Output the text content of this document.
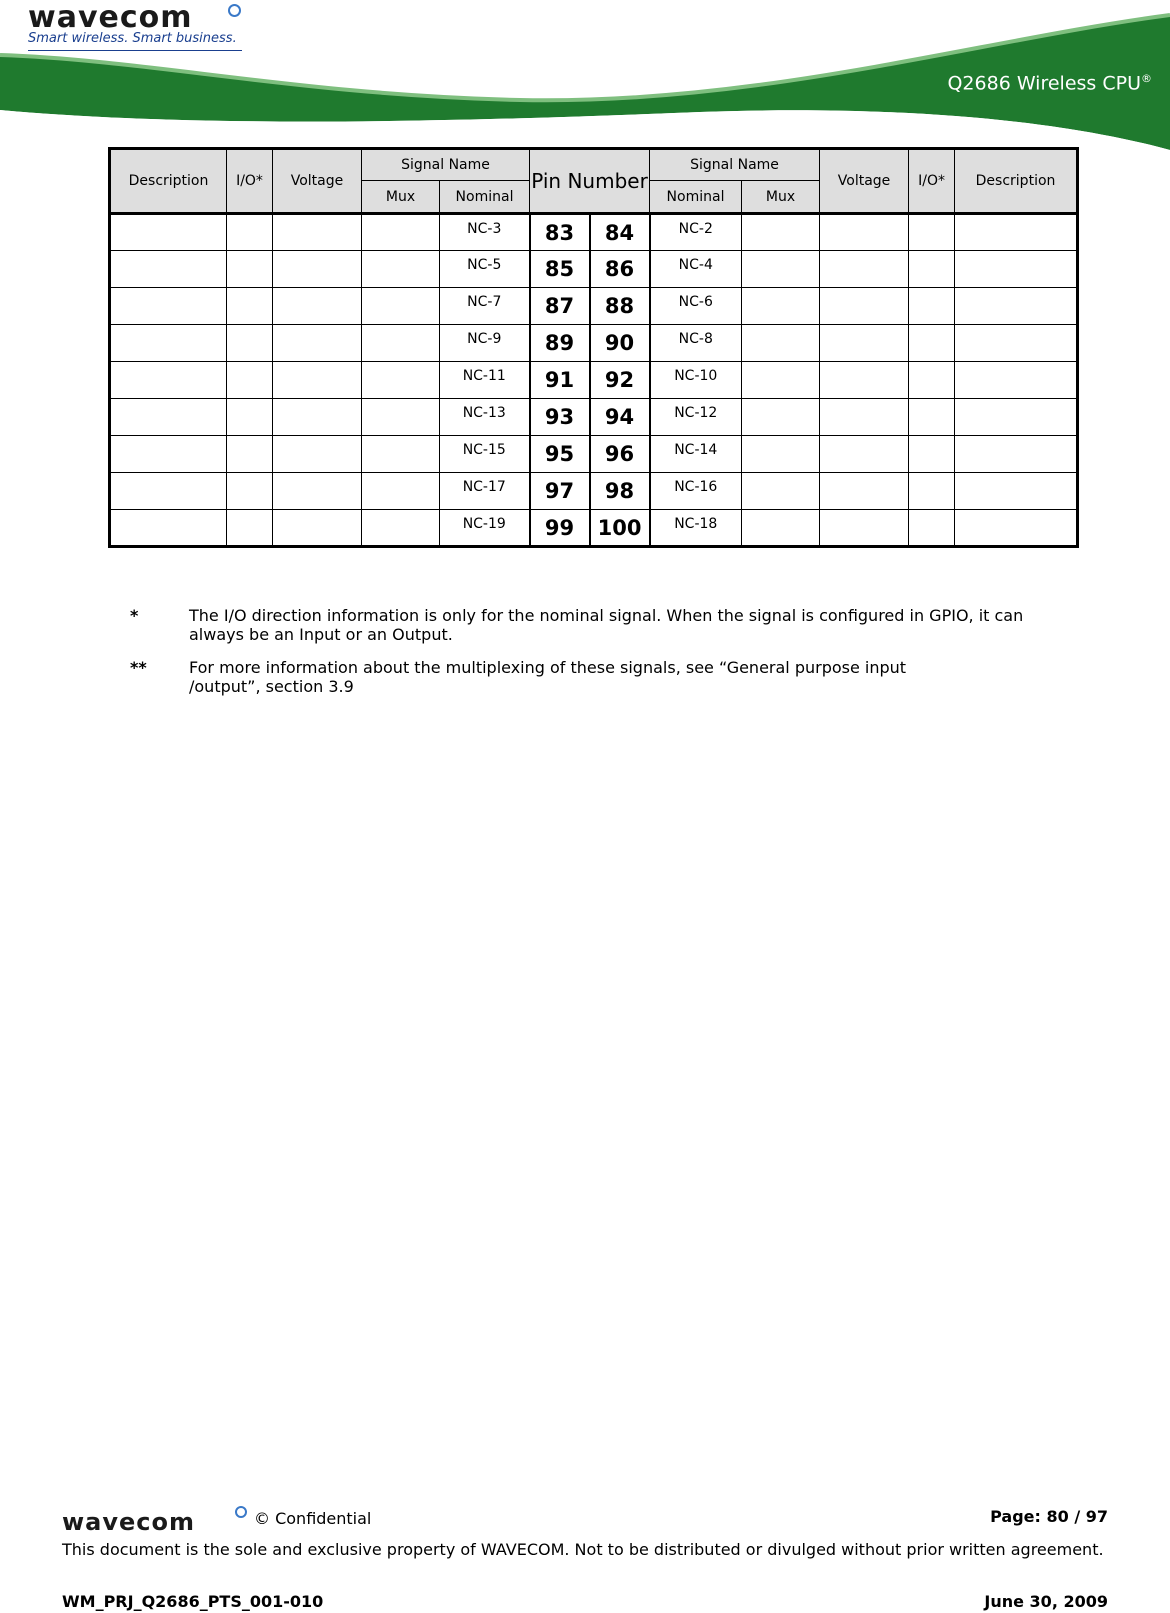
wavecom
Smart wireless. Smart business.
Q2686 Wireless CPU®
Description	I/O*	Voltage	Signal Name		Pin Number		Signal Name		Voltage	I/O*	Description
			Mux	Nominal			Nominal	Mux			
				NC-3	83	84	NC-2				
				NC-5	85	86	NC-4				
				NC-7	87	88	NC-6				
				NC-9	89	90	NC-8				
				NC-11	91	92	NC-10				
				NC-13	93	94	NC-12				
				NC-15	95	96	NC-14				
				NC-17	97	98	NC-16				
				NC-19	99	100	NC-18				
*	The I/O direction information is only for the nominal signal. When the signal is configured in GPIO, it can always be an Input or an Output.
**	For more information about the multiplexing of these signals, see “General purpose input /output”, section 3.9
wavecom	© Confidential	Page: 80 / 97
This document is the sole and exclusive property of WAVECOM. Not to be distributed or divulged without prior written agreement.
WM_PRJ_Q2686_PTS_001-010	June 30, 2009
